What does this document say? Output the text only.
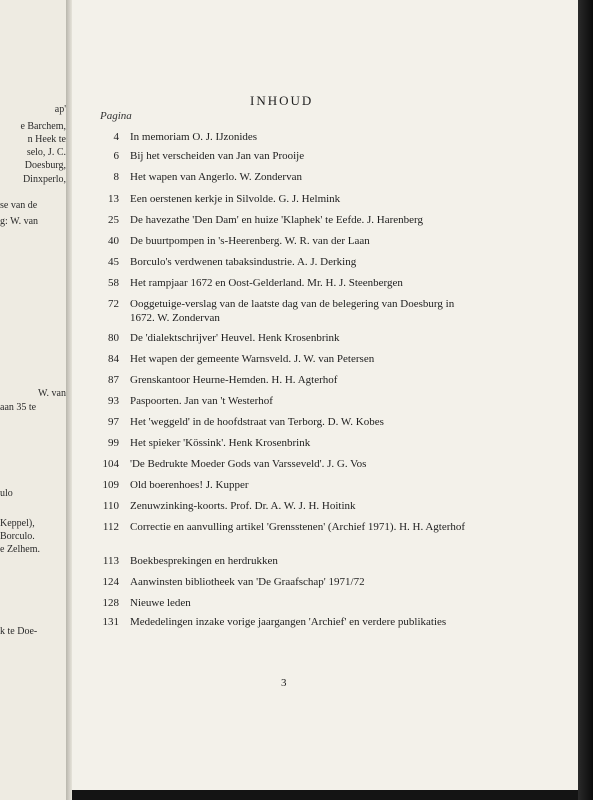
ap'
e Barchem,
n Heek te
selo, J. C.
Doesburg,
Dinxperlo,
se van de
g: W. van
W. van
aan 35 te
ulo
Keppel),
Borculo.
e Zelhem.
k te Doe-
INHOUD
Pagina
4 In memoriam O. J. IJzonides
6 Bij het verscheiden van Jan van Prooije
8 Het wapen van Angerlo. W. Zondervan
13 Een oerstenen kerkje in Silvolde. G. J. Helmink
25 De havezathe 'Den Dam' en huize 'Klaphek' te Eefde. J. Harenberg
40 De buurtpompen in 's-Heerenberg. W. R. van der Laan
45 Borculo's verdwenen tabaksindustrie. A. J. Derking
58 Het rampjaar 1672 en Oost-Gelderland. Mr. H. J. Steenbergen
72 Ooggetuige-verslag van de laatste dag van de belegering van Doesburg in 1672. W. Zondervan
80 De 'dialektschrijver' Heuvel. Henk Krosenbrink
84 Het wapen der gemeente Warnsveld. J. W. van Petersen
87 Grenskantoor Heurne-Hemden. H. H. Agterhof
93 Paspoorten. Jan van 't Westerhof
97 Het 'weggeld' in de hoofdstraat van Terborg. D. W. Kobes
99 Het spieker 'Kössink'. Henk Krosenbrink
104 'De Bedrukte Moeder Gods van Varsseveld'. J. G. Vos
109 Old boerenhoes! J. Kupper
110 Zenuwzinking-koorts. Prof. Dr. A. W. J. H. Hoitink
112 Correctie en aanvulling artikel 'Grensstenen' (Archief 1971). H. H. Agterhof
113 Boekbesprekingen en herdrukken
124 Aanwinsten bibliotheek van 'De Graafschap' 1971/72
128 Nieuwe leden
131 Mededelingen inzake vorige jaargangen 'Archief' en verdere publikaties
3
